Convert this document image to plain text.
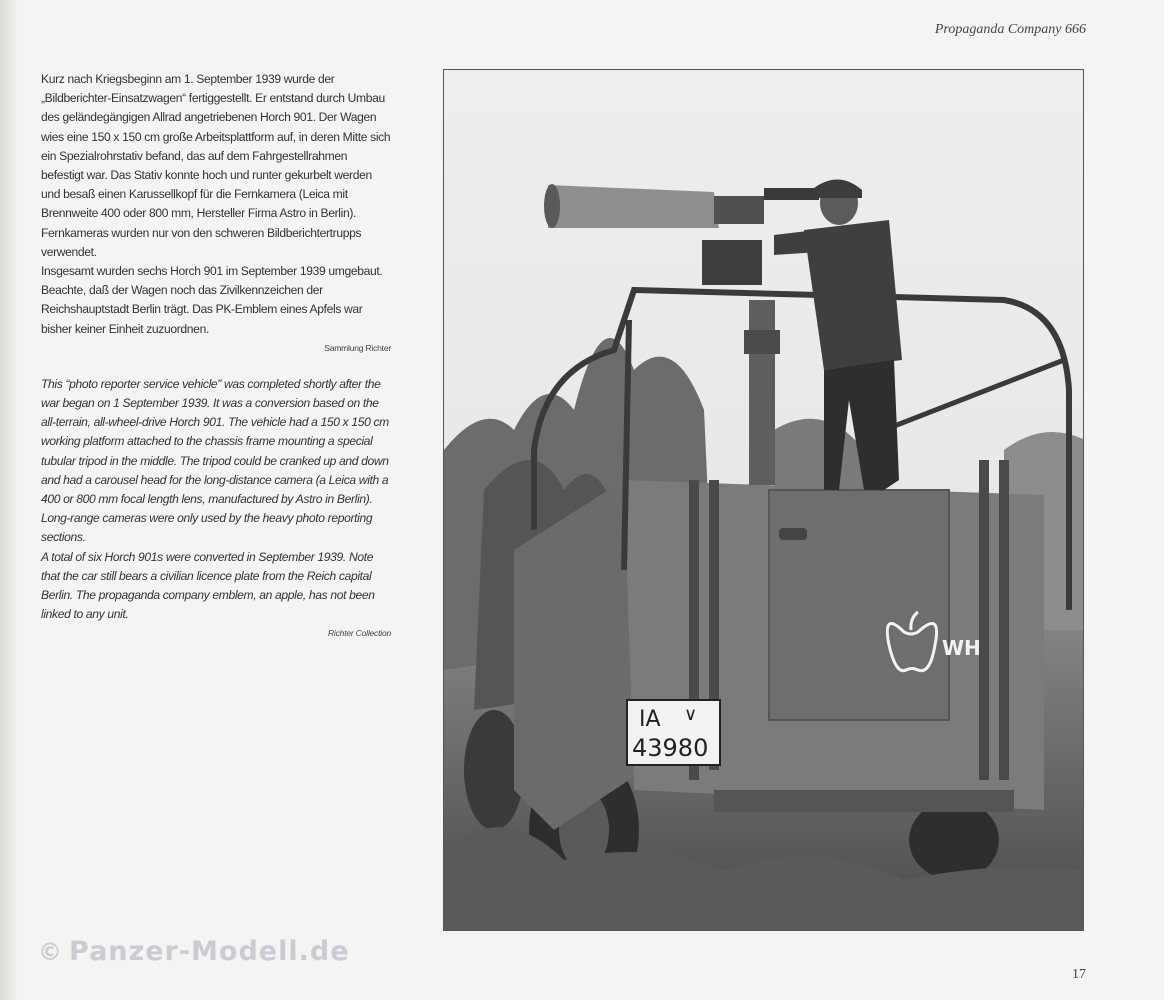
Propaganda Company 666

Kurz nach Kriegsbeginn am 1. September 1939 wurde der „Bildberichter-Einsatzwagen“ fertiggestellt. Er entstand durch Umbau des geländegängigen Allrad angetriebenen Horch 901. Der Wagen wies eine 150 x 150 cm große Arbeitsplattform auf, in deren Mitte sich ein Spezialrohrstativ befand, das auf dem Fahrgestellrahmen befestigt war. Das Stativ konnte hoch und runter gekurbelt werden und besaß einen Karussellkopf für die Fernkamera (Leica mit Brennweite 400 oder 800 mm, Hersteller Firma Astro in Berlin). Fernkameras wurden nur von den schweren Bildberichtertrupps verwendet.

Insgesamt wurden sechs Horch 901 im September 1939 umgebaut. Beachte, daß der Wagen noch das Zivilkennzeichen der Reichshauptstadt Berlin trägt. Das PK-Emblem eines Apfels war bisher keiner Einheit zuzuordnen.

Sammlung Richter

This “photo reporter service vehicle” was completed shortly after the war began on 1 September 1939. It was a conversion based on the all-terrain, all-wheel-drive Horch 901. The vehicle had a 150 x 150 cm working platform attached to the chassis frame mounting a special tubular tripod in the middle. The tripod could be cranked up and down and had a carousel head for the long-distance camera (a Leica with a 400 or 800 mm focal length lens, manufactured by Astro in Berlin). Long-range cameras were only used by the heavy photo reporting sections.

A total of six Horch 901s were converted in September 1939. Note that the car still bears a civilian licence plate from the Reich capital Berlin. The propaganda company emblem, an apple, has not been linked to any unit.

Richter Collection

IA ∨
43980
WH
© Panzer-Modell.de
17
